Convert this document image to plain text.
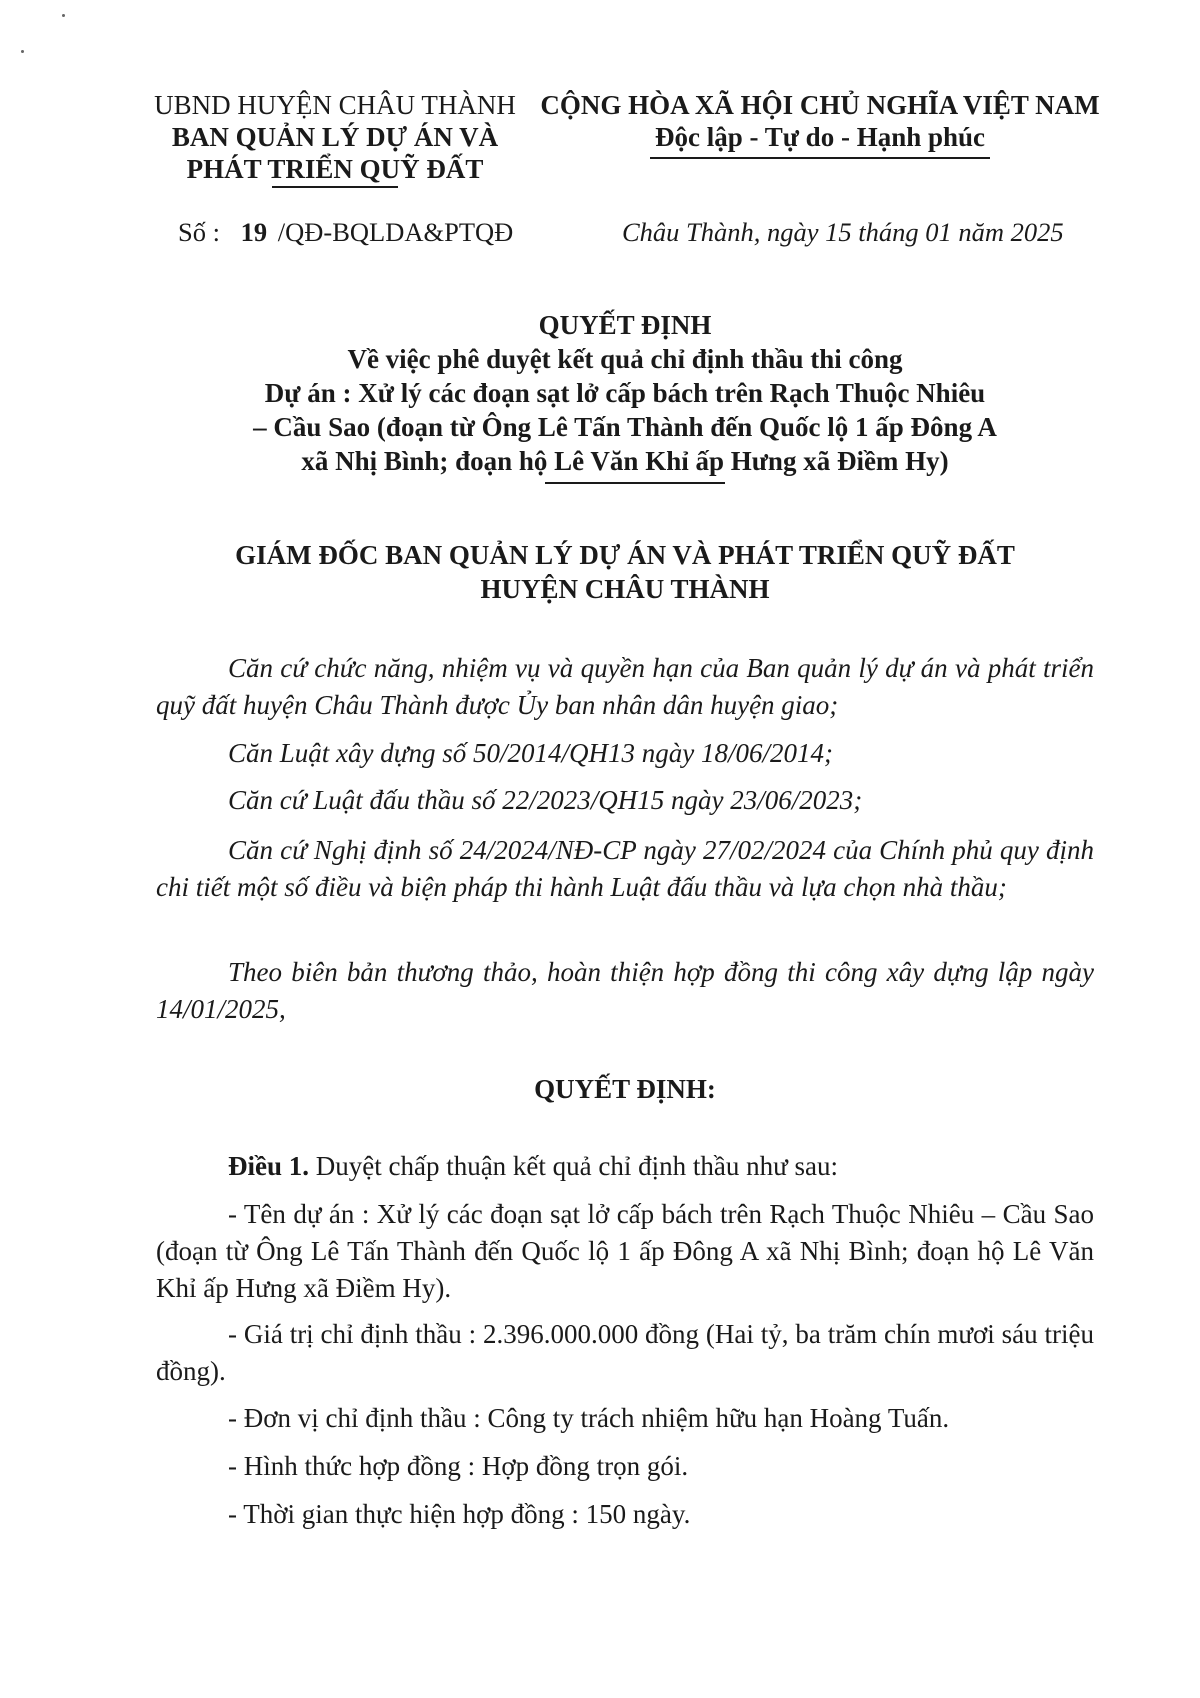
UBND HUYỆN CHÂU THÀNH
BAN QUẢN LÝ DỰ ÁN VÀ
PHÁT TRIỂN QUỸ ĐẤT
CỘNG HÒA XÃ HỘI CHỦ NGHĨA VIỆT NAM
Độc lập - Tự do - Hạnh phúc
Số : 19 /QĐ-BQLDA&PTQĐ	Châu Thành, ngày 15 tháng 01 năm 2025
QUYẾT ĐỊNH
Về việc phê duyệt kết quả chỉ định thầu thi công
Dự án : Xử lý các đoạn sạt lở cấp bách trên Rạch Thuộc Nhiêu
– Cầu Sao (đoạn từ Ông Lê Tấn Thành đến Quốc lộ 1 ấp Đông A
xã Nhị Bình; đoạn hộ Lê Văn Khỉ ấp Hưng xã Điềm Hy)
GIÁM ĐỐC BAN QUẢN LÝ DỰ ÁN VÀ PHÁT TRIỂN QUỸ ĐẤT
HUYỆN CHÂU THÀNH
Căn cứ chức năng, nhiệm vụ và quyền hạn của Ban quản lý dự án và phát triển quỹ đất huyện Châu Thành được Ủy ban nhân dân huyện giao;
Căn Luật xây dựng số 50/2014/QH13 ngày 18/06/2014;
Căn cứ Luật đấu thầu số 22/2023/QH15 ngày 23/06/2023;
Căn cứ Nghị định số 24/2024/NĐ-CP ngày 27/02/2024 của Chính phủ quy định chi tiết một số điều và biện pháp thi hành Luật đấu thầu và lựa chọn nhà thầu;
Theo biên bản thương thảo, hoàn thiện hợp đồng thi công xây dựng lập ngày 14/01/2025,
QUYẾT ĐỊNH:
Điều 1. Duyệt chấp thuận kết quả chỉ định thầu như sau:
- Tên dự án : Xử lý các đoạn sạt lở cấp bách trên Rạch Thuộc Nhiêu – Cầu Sao (đoạn từ Ông Lê Tấn Thành đến Quốc lộ 1 ấp Đông A xã Nhị Bình; đoạn hộ Lê Văn Khỉ ấp Hưng xã Điềm Hy).
- Giá trị chỉ định thầu : 2.396.000.000 đồng (Hai tỷ, ba trăm chín mươi sáu triệu đồng).
- Đơn vị chỉ định thầu : Công ty trách nhiệm hữu hạn Hoàng Tuấn.
- Hình thức hợp đồng : Hợp đồng trọn gói.
- Thời gian thực hiện hợp đồng : 150 ngày.
